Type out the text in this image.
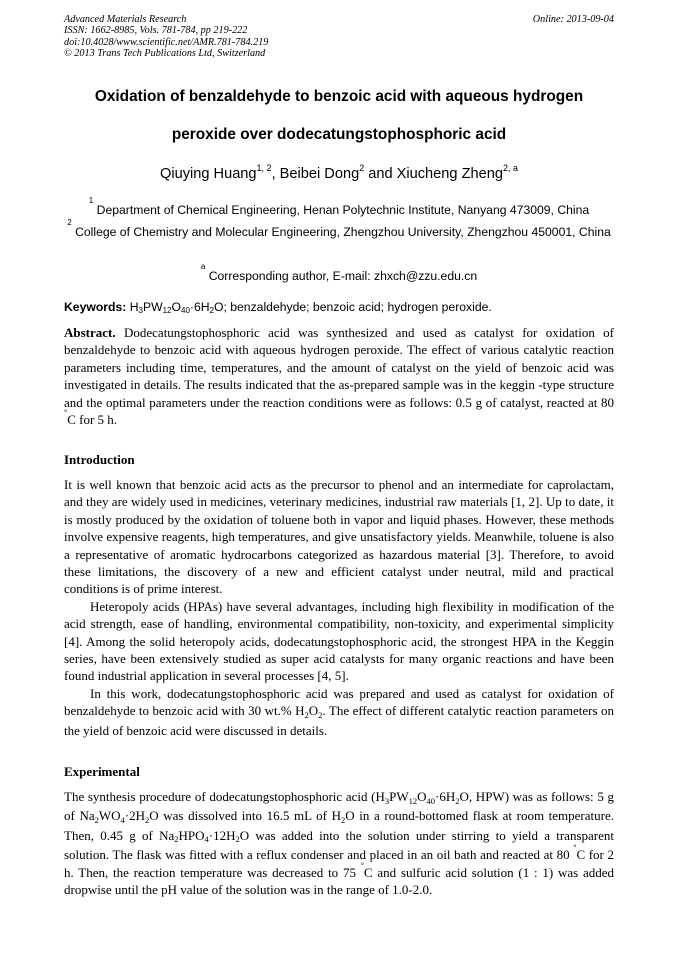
Advanced Materials Research
ISSN: 1662-8985, Vols. 781-784, pp 219-222
doi:10.4028/www.scientific.net/AMR.781-784.219
© 2013 Trans Tech Publications Ltd, Switzerland
Online: 2013-09-04
Oxidation of benzaldehyde to benzoic acid with aqueous hydrogen
peroxide over dodecatungstophosphoric acid
Qiuying Huang$^{1, 2}$, Beibei Dong$^2$ and Xiucheng Zheng$^{2, a}$
$^1$ Department of Chemical Engineering, Henan Polytechnic Institute, Nanyang 473009, China
$^2$ College of Chemistry and Molecular Engineering, Zhengzhou University, Zhengzhou 450001, China
$^a$ Corresponding author, E-mail: zhxch@zzu.edu.cn
Keywords: $H_3PW_{12}O_{40}\cdot 6H_2O$; benzaldehyde; benzoic acid; hydrogen peroxide.

Abstract. Dodecatungstophosphoric acid was synthesized and used as catalyst for oxidation of benzaldehyde to benzoic acid with aqueous hydrogen peroxide. The effect of various catalytic reaction parameters including time, temperatures, and the amount of catalyst on the yield of benzoic acid was investigated in details. The results indicated that the as-prepared sample was in the keggin -type structure and the optimal parameters under the reaction conditions were as follows: 0.5 g of catalyst, reacted at 80 °C for 5 h.

Introduction

It is well known that benzoic acid acts as the precursor to phenol and an intermediate for caprolactam, and they are widely used in medicines, veterinary medicines, industrial raw materials [1, 2]. Up to date, it is mostly produced by the oxidation of toluene both in vapor and liquid phases. However, these methods involve expensive reagents, high temperatures, and give unsatisfactory yields. Meanwhile, toluene is also a representative of aromatic hydrocarbons categorized as hazardous material [3]. Therefore, to avoid these limitations, the discovery of a new and efficient catalyst under neutral, mild and practical conditions is of prime interest.

Heteropoly acids (HPAs) have several advantages, including high flexibility in modification of the acid strength, ease of handling, environmental compatibility, non-toxicity, and experimental simplicity [4]. Among the solid heteropoly acids, dodecatungstophosphoric acid, the strongest HPA in the Keggin series, have been extensively studied as super acid catalysts for many organic reactions and have been found industrial application in several processes [4, 5].

In this work, dodecatungstophosphoric acid was prepared and used as catalyst for oxidation of benzaldehyde to benzoic acid with 30 wt.% $H_2O_2$. The effect of different catalytic reaction parameters on the yield of benzoic acid were discussed in details.

Experimental

The synthesis procedure of dodecatungstophosphoric acid ($H_3PW_{12}O_{40}\cdot 6H_2O$, HPW) was as follows: 5 g of $Na_2WO_4\cdot 2H_2O$ was dissolved into 16.5 mL of $H_2O$ in a round-bottomed flask at room temperature. Then, 0.45 g of $Na_2HPO_4\cdot 12H_2O$ was added into the solution under stirring to yield a transparent solution. The flask was fitted with a reflux condenser and placed in an oil bath and reacted at 80 °C for 2 h. Then, the reaction temperature was decreased to 75 °C and sulfuric acid solution (1 : 1) was added dropwise until the pH value of the solution was in the range of 1.0-2.0.
